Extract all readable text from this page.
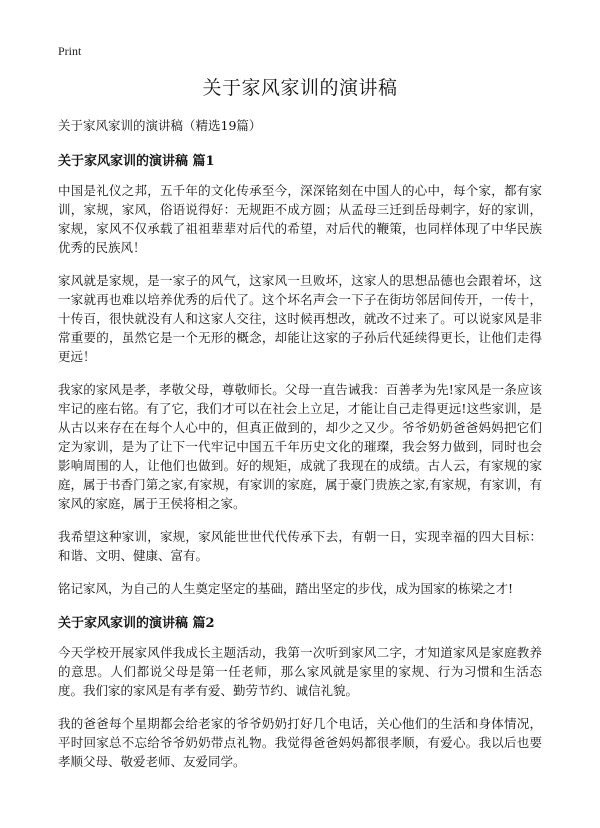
Print
关于家风家训的演讲稿

关于家风家训的演讲稿（精选19篇）

关于家风家训的演讲稿 篇1

中国是礼仪之邦，五千年的文化传承至今，深深铭刻在中国人的心中，每个家，都有家训，家规，家风，俗语说得好：无规距不成方圆；从孟母三迁到岳母刺字，好的家训，家规，家风不仅承载了祖祖辈辈对后代的希望，对后代的鞭策，也同样体现了中华民族优秀的民族风！

家风就是家规，是一家子的风气，这家风一旦败坏，这家人的思想品德也会跟着坏，这一家就再也难以培养优秀的后代了。这个坏名声会一下子在街坊邻居间传开，一传十，十传百，很快就没有人和这家人交往，这时候再想改，就改不过来了。可以说家风是非常重要的，虽然它是一个无形的概念，却能让这家的子孙后代延续得更长，让他们走得更远！

我家的家风是孝，孝敬父母，尊敬师长。父母一直告诫我：百善孝为先!家风是一条应该牢记的座右铭。有了它，我们才可以在社会上立足，才能让自己走得更远!这些家训，是从古以来存在在每个人心中的，但真正做到的，却少之又少。爷爷奶奶爸爸妈妈把它们定为家训，是为了让下一代牢记中国五千年历史文化的璀璨，我会努力做到，同时也会影响周围的人，让他们也做到。好的规矩，成就了我现在的成绩。古人云，有家规的家庭，属于书香门第之家,有家规，有家训的家庭，属于豪门贵族之家,有家规，有家训，有家风的家庭，属于王侯将相之家。

我希望这种家训，家规，家风能世世代代传承下去，有朝一日，实现幸福的四大目标：和谐、文明、健康、富有。

铭记家风，为自己的人生奠定坚定的基础，踏出坚定的步伐，成为国家的栋梁之才!

关于家风家训的演讲稿 篇2

今天学校开展家风伴我成长主题活动，我第一次听到家风二字，才知道家风是家庭教养的意思。人们都说父母是第一任老师，那么家风就是家里的家规、行为习惯和生活态度。我们家的家风是有孝有爱、勤劳节约、诚信礼貌。

我的爸爸每个星期都会给老家的爷爷奶奶打好几个电话，关心他们的生活和身体情况，平时回家总不忘给爷爷奶奶带点礼物。我觉得爸爸妈妈都很孝顺，有爱心。我以后也要孝顺父母、敬爱老师、友爱同学。
